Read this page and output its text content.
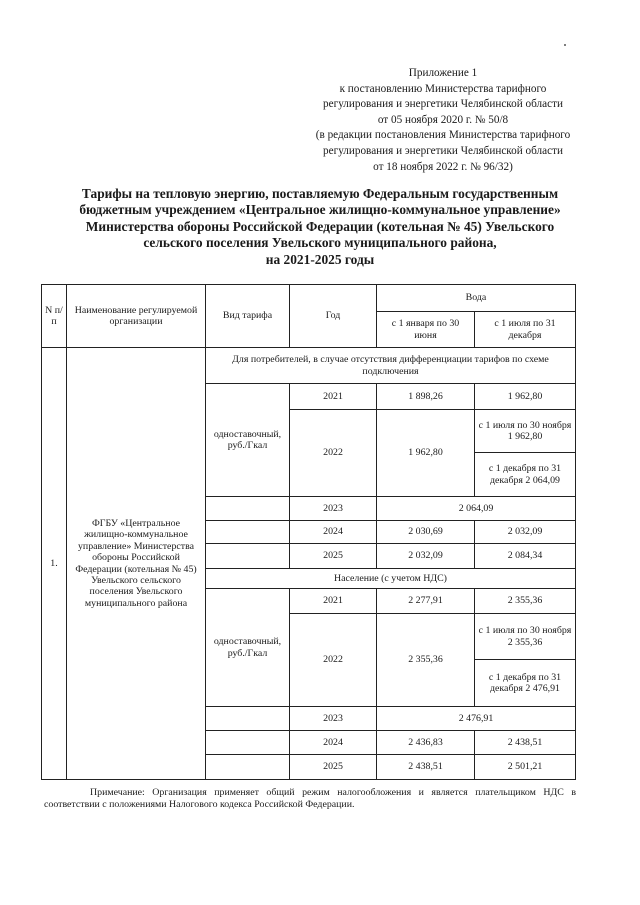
Приложение 1
к постановлению Министерства тарифного
регулирования и энергетики Челябинской области
от 05 ноября 2020 г. № 50/8
(в редакции постановления Министерства тарифного
регулирования и энергетики Челябинской области
от 18 ноября 2022 г. № 96/32)
Тарифы на тепловую энергию, поставляемую Федеральным государственным
бюджетным учреждением «Центральное жилищно-коммунальное управление»
Министерства обороны Российской Федерации (котельная № 45) Увельского
сельского поселения Увельского муниципального района,
на 2021-2025 годы
N п/п	Наименование регулируемой организации	Вид тарифа	Год	Вода	
				с 1 января по 30 июня	с 1 июля по 31 декабря
1.	ФГБУ «Центральное жилищно-коммунальное управление» Министерства обороны Российской Федерации (котельная № 45) Увельского сельского поселения Увельского муниципального района	Для потребителей, в случае отсутствия дифференциации тарифов по схеме подключения			
		одноставочный, руб./Гкал	2021	1 898,26	1 962,80
			2022	1 962,80	с 1 июля по 30 ноября 1 962,80
					с 1 декабря по 31 декабря 2 064,09
			2023	2 064,09	
			2024	2 030,69	2 032,09
			2025	2 032,09	2 084,34
		Население (с учетом НДС)			
		одноставочный, руб./Гкал	2021	2 277,91	2 355,36
			2022	2 355,36	с 1 июля по 30 ноября 2 355,36
					с 1 декабря по 31 декабря 2 476,91
			2023	2 476,91	
			2024	2 436,83	2 438,51
			2025	2 438,51	2 501,21
Примечание: Организация применяет общий режим налогообложения и является плательщиком НДС в соответствии с положениями Налогового кодекса Российской Федерации.
